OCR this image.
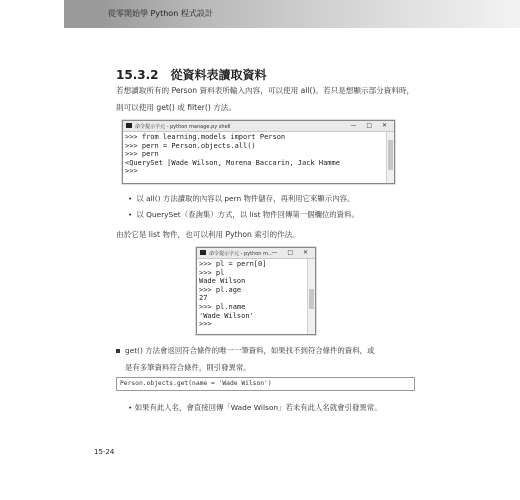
從零開始學 Python 程式設計
15.3.2 從資料表讀取資料
若想讀取所有的 Person 資料表所輸入內容，可以使用 all()。若只是想顯示部分資料時，則可以使用 get() 或 filter() 方法。
命令提示字元 - python manage.py shell	— □ ✕
>>> from learning.models import Person
>>> pern = Person.objects.all()
>>> pern
<QuerySet [Wade Wilson, Morena Baccarin, Jack Hamme
>>>
• 以 all() 方法讀取的內容以 pern 物件儲存，再利用它來顯示內容。
• 以 QuerySet（查詢集）方式，以 list 物件回傳第一個欄位的資料。
由於它是 list 物件，也可以利用 Python 索引的作法。
命令提示字元 - python m...
— □ ✕
>>> pl = pern[0]
>>> pl
Wade Wilson
>>> pl.age
27
>>> pl.name
'Wade Wilson'
>>>
get() 方法會返回符合條件的唯一一筆資料，如果找不到符合條件的資料，或
是有多筆資料符合條件，則引發異常。
Person.objects.get(name = 'Wade Wilson')
• 如果有此人名，會直接回傳「Wade Wilson」若未有此人名就會引發異常。
15-24
